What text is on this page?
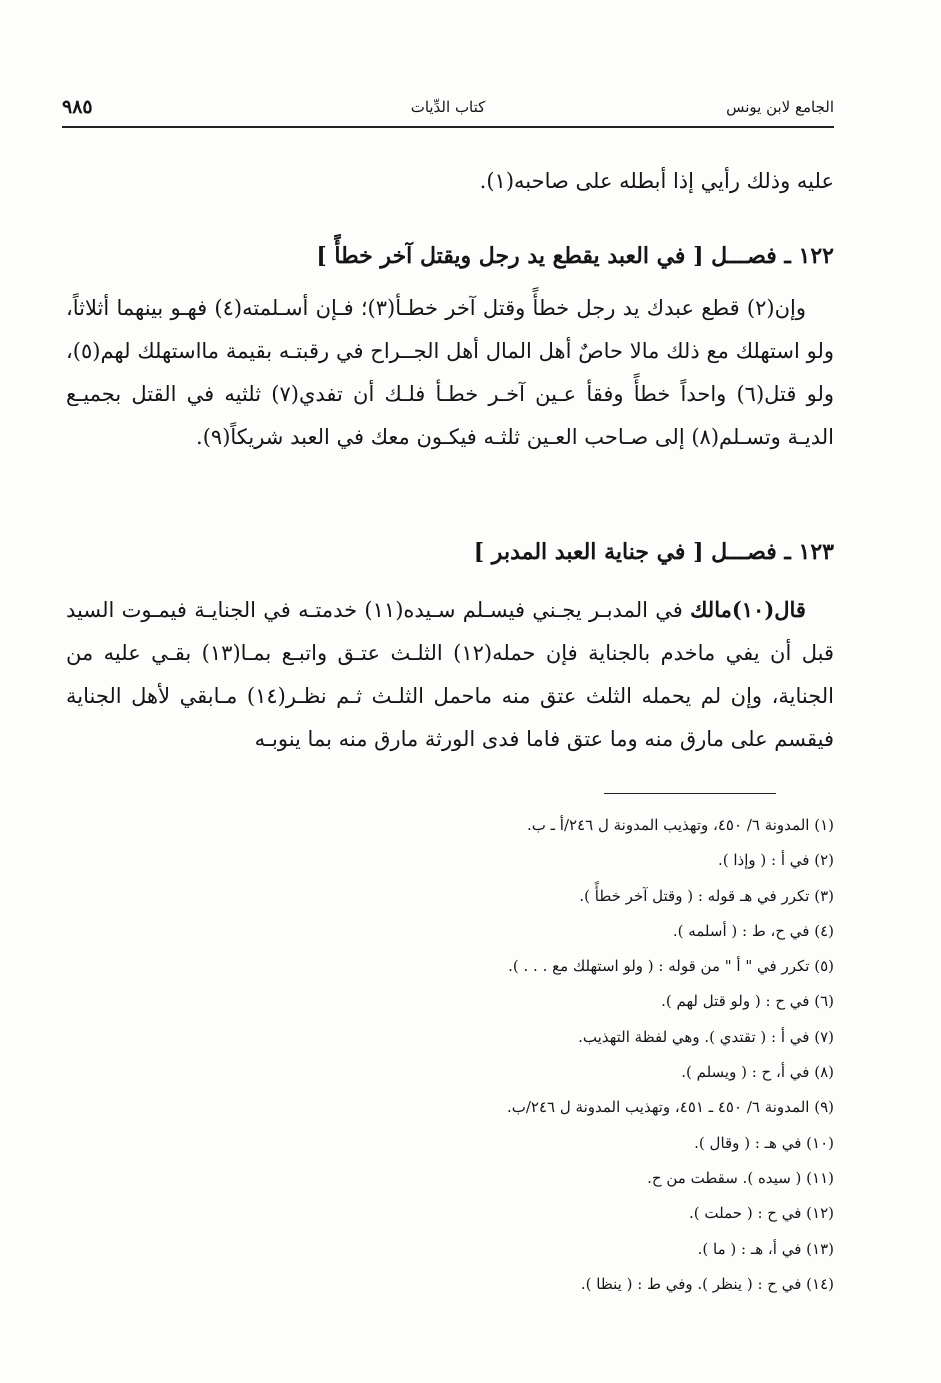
الجامع لابن يونس
كتاب الدِّيات
٩٨٥

عليه وذلك رأيي إذا أبطله على صاحبه(١).

١٢٢ ـ فصـــل [ في العبد يقطع يد رجل ويقتل آخر خطأً ]

وإن(٢) قطع عبدك يد رجل خطأً وقتل آخر خطـأ(٣)؛ فـإن أسـلمته(٤) فهـو بينهما أثلاثاً، ولو استهلك مع ذلك مالا حاصٌ أهل المال أهل الجــراح في رقبتـه بقيمة مااستهلك لهم(٥)، ولو قتل(٦) واحداً خطأً وفقأ عـين آخـر خطـأ فلـك أن تفدي(٧) ثلثيه في القتل بجميـع الديـة وتسـلم(٨) إلى صـاحب العـين ثلثـه فيكـون معك في العبد شريكاً(٩).

١٢٣ ـ فصـــل [ في جناية العبد المدبر ]

قال(١٠)مالك في المدبـر يجـني فيسـلم سـيده(١١) خدمتـه في الجنايـة فيمـوت السيد قبل أن يفي ماخدم بالجناية فإن حمله(١٢) الثلـث عتـق واتبـع بمـا(١٣) بقـي عليه من الجناية، وإن لم يحمله الثلث عتق منه ماحمل الثلـث ثـم نظـر(١٤) مـابقي لأهل الجناية فيقسم على مارق منه وما عتق فاما فدى الورثة مارق منه بما ينوبـه

(١) المدونة ٦/ ٤٥٠، وتهذيب المدونة ل ٢٤٦/أ ـ ب.
(٢) في أ : ( وإذا ).
(٣) تكرر في هـ قوله : ( وقتل آخر خطأً ).
(٤) في ح، ط : ( أسلمه ).
(٥) تكرر في " أ " من قوله : ( ولو استهلك مع . . . ).
(٦) في ح : ( ولو قتل لهم ).
(٧) في أ : ( تقتدي ). وهي لفظة التهذيب.
(٨) في أ، ح : ( ويسلم ).
(٩) المدونة ٦/ ٤٥٠ ـ ٤٥١، وتهذيب المدونة ل ٢٤٦/ب.
(١٠) في هـ : ( وقال ).
(١١) ( سيده ). سقطت من ح.
(١٢) في ح : ( حملت ).
(١٣) في أ، هـ : ( ما ).
(١٤) في ح : ( ينظر ). وفي ط : ( ينظا ).
